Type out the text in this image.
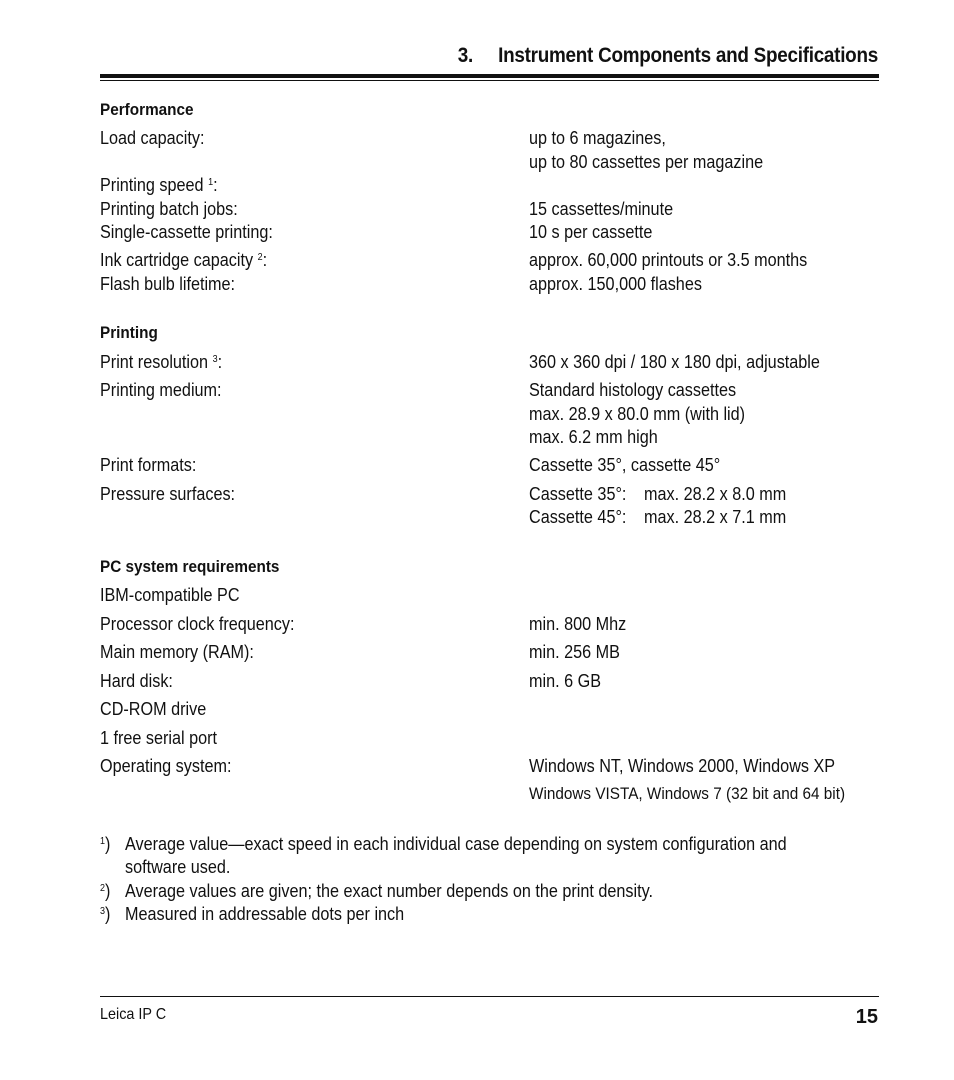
3. Instrument Components and Specifications
Performance
Load capacity:	up to 6 magazines,
up to 80 cassettes per magazine
Printing speed $^1$:
Printing batch jobs:	15 cassettes/minute
Single-cassette printing:	10 s per cassette
Ink cartridge capacity $^2$:	approx. 60,000 printouts or 3.5 months
Flash bulb lifetime:	approx. 150,000 flashes
Printing
Print resolution $^3$:	360 x 360 dpi / 180 x 180 dpi, adjustable
Printing medium:	Standard histology cassettes
max. 28.9 x 80.0 mm (with lid)
max. 6.2 mm high
Print formats:	Cassette 35°, cassette 45°
Pressure surfaces:	Cassette 35°: max. 28.2 x 8.0 mm
Cassette 45°: max. 28.2 x 7.1 mm
PC system requirements
IBM-compatible PC
Processor clock frequency:	min. 800 Mhz
Main memory (RAM):	min. 256 MB
Hard disk:	min. 6 GB
CD-ROM drive
1 free serial port
Operating system:	Windows NT, Windows 2000, Windows XP
Windows VISTA, Windows 7 (32 bit and 64 bit)
$^1$) Average value—exact speed in each individual case depending on system configuration and
software used.
$^2$) Average values are given; the exact number depends on the print density.
$^3$) Measured in addressable dots per inch
Leica IP C	15
